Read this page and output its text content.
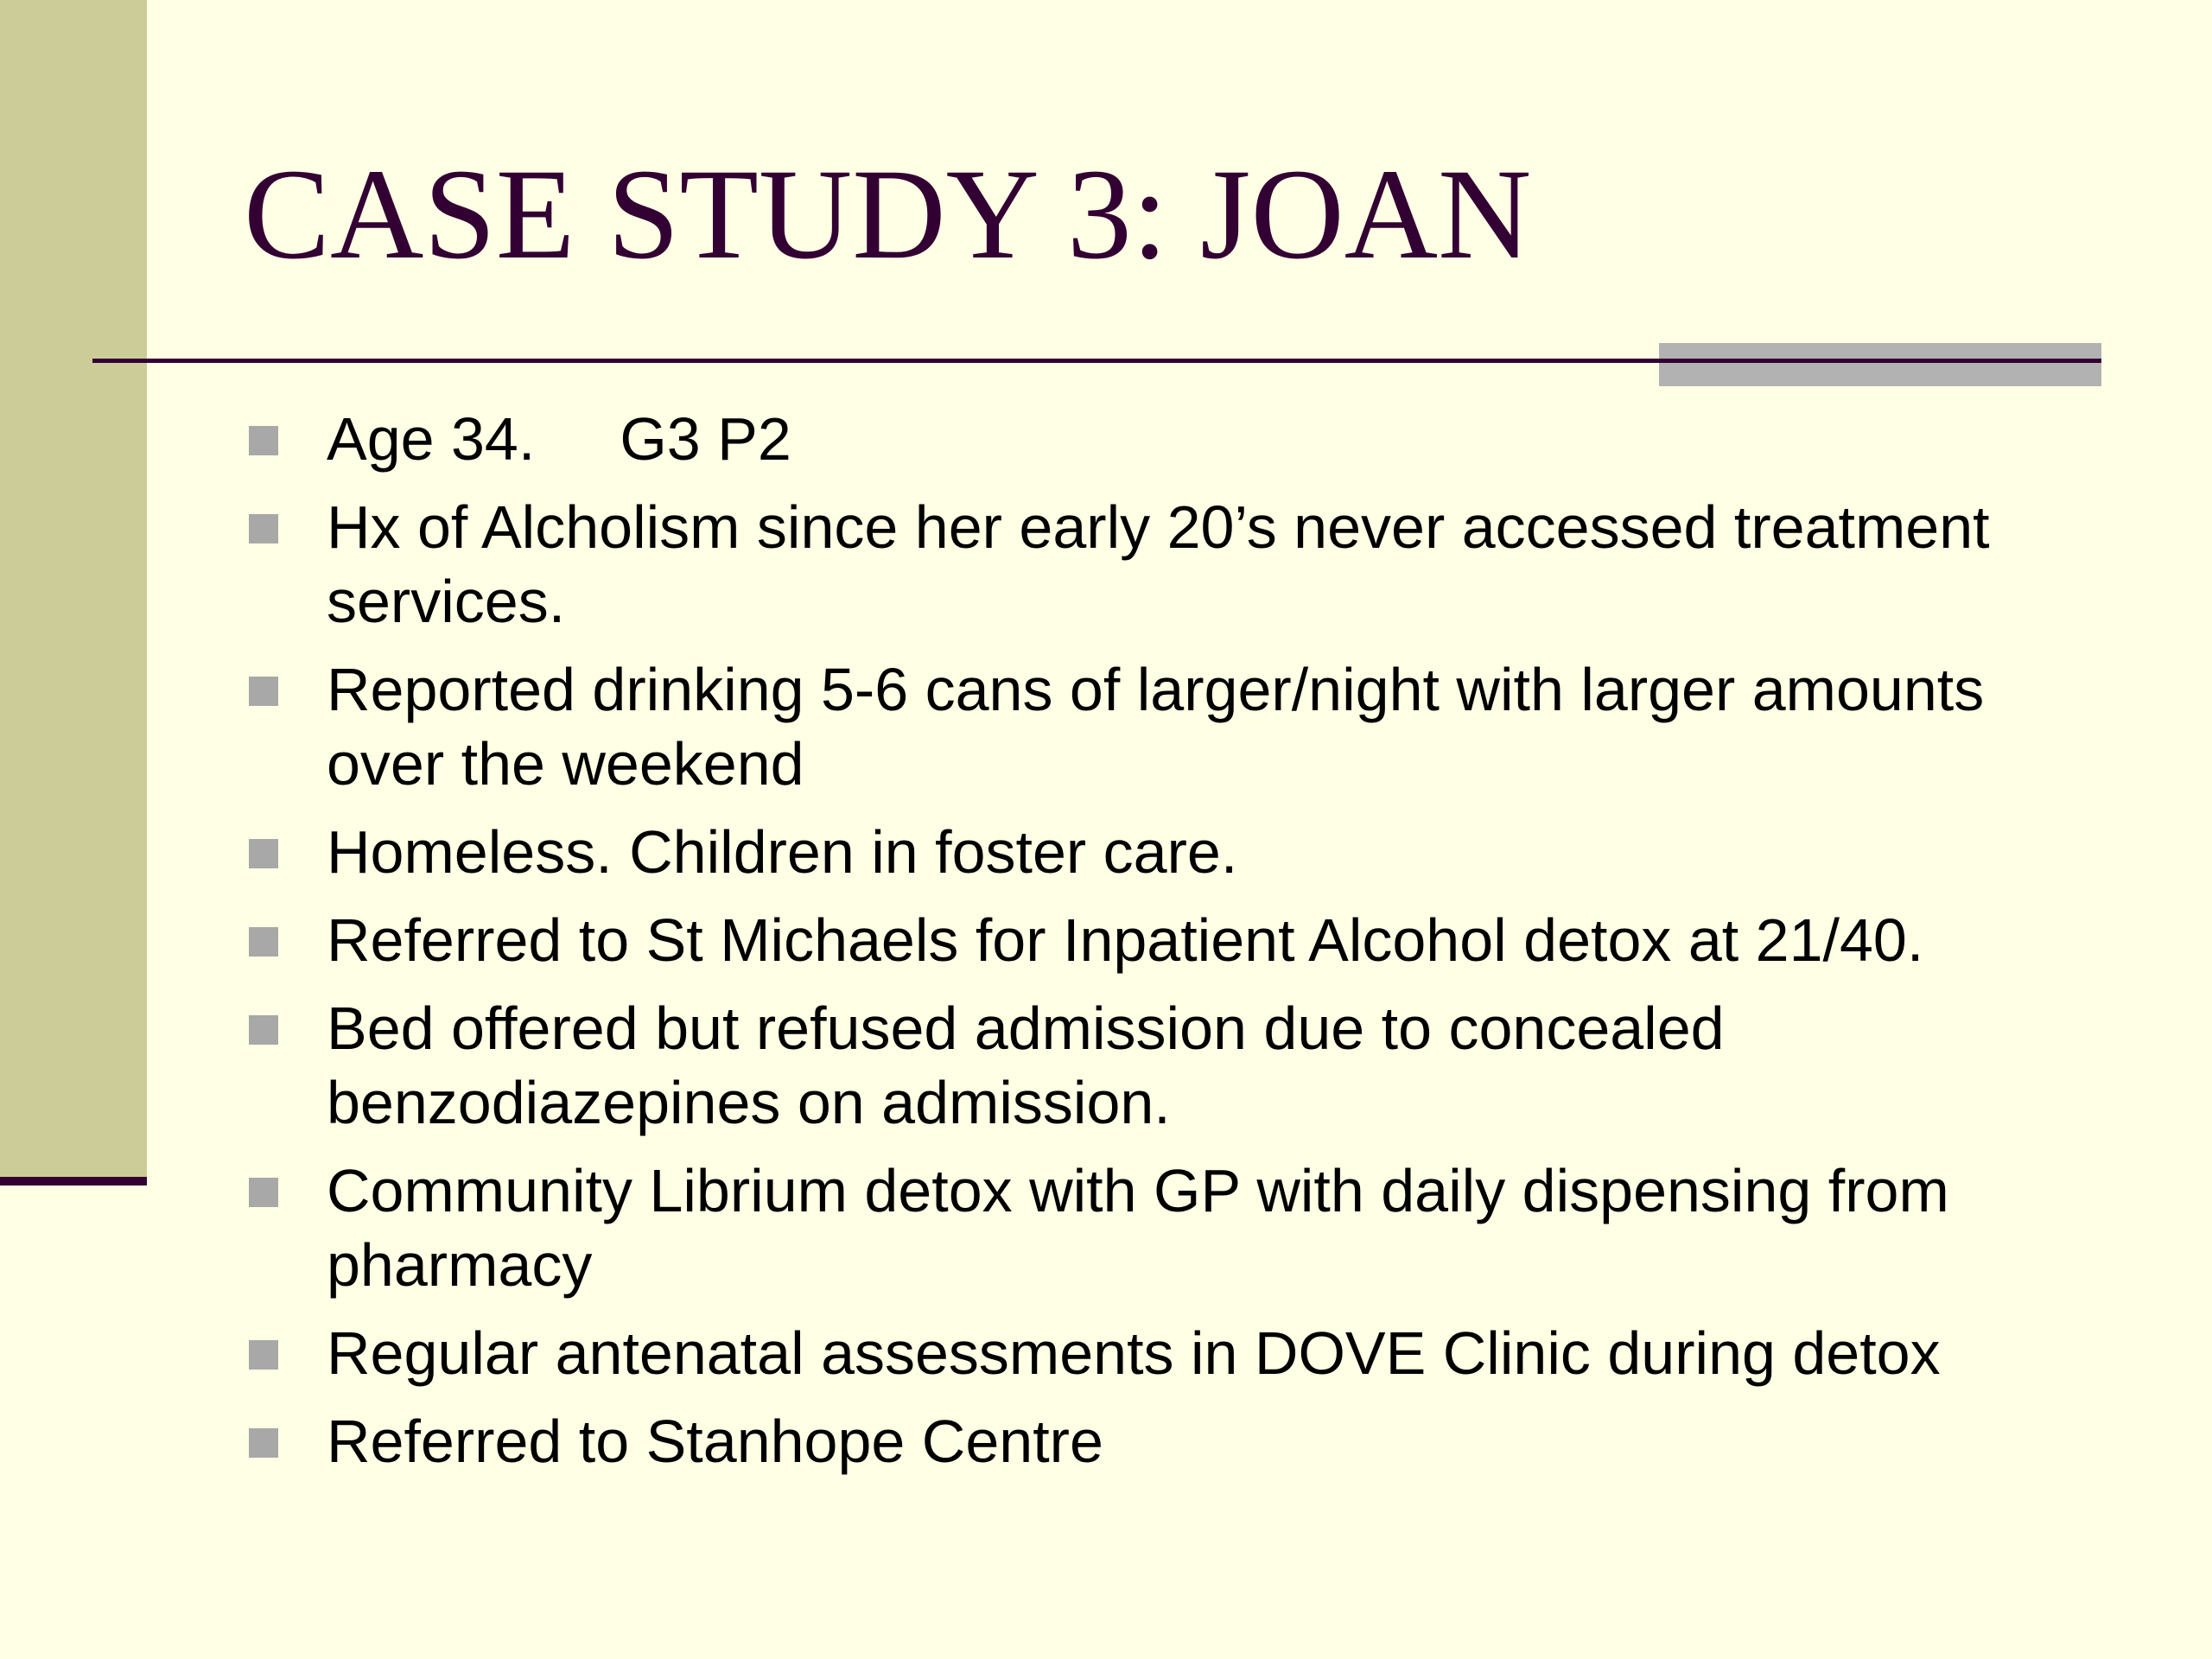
CASE STUDY 3: JOAN
Age 34. G3 P2
Hx of Alcholism since her early 20’s never accessed treatment services.
Reported drinking 5-6 cans of larger/night with larger amounts over the weekend
Homeless. Children in foster care.
Referred to St Michaels for Inpatient Alcohol detox at 21/40.
Bed offered but refused admission due to concealed benzodiazepines on admission.
Community Librium detox with GP with daily dispensing from pharmacy
Regular antenatal assessments in DOVE Clinic during detox
Referred to Stanhope Centre
